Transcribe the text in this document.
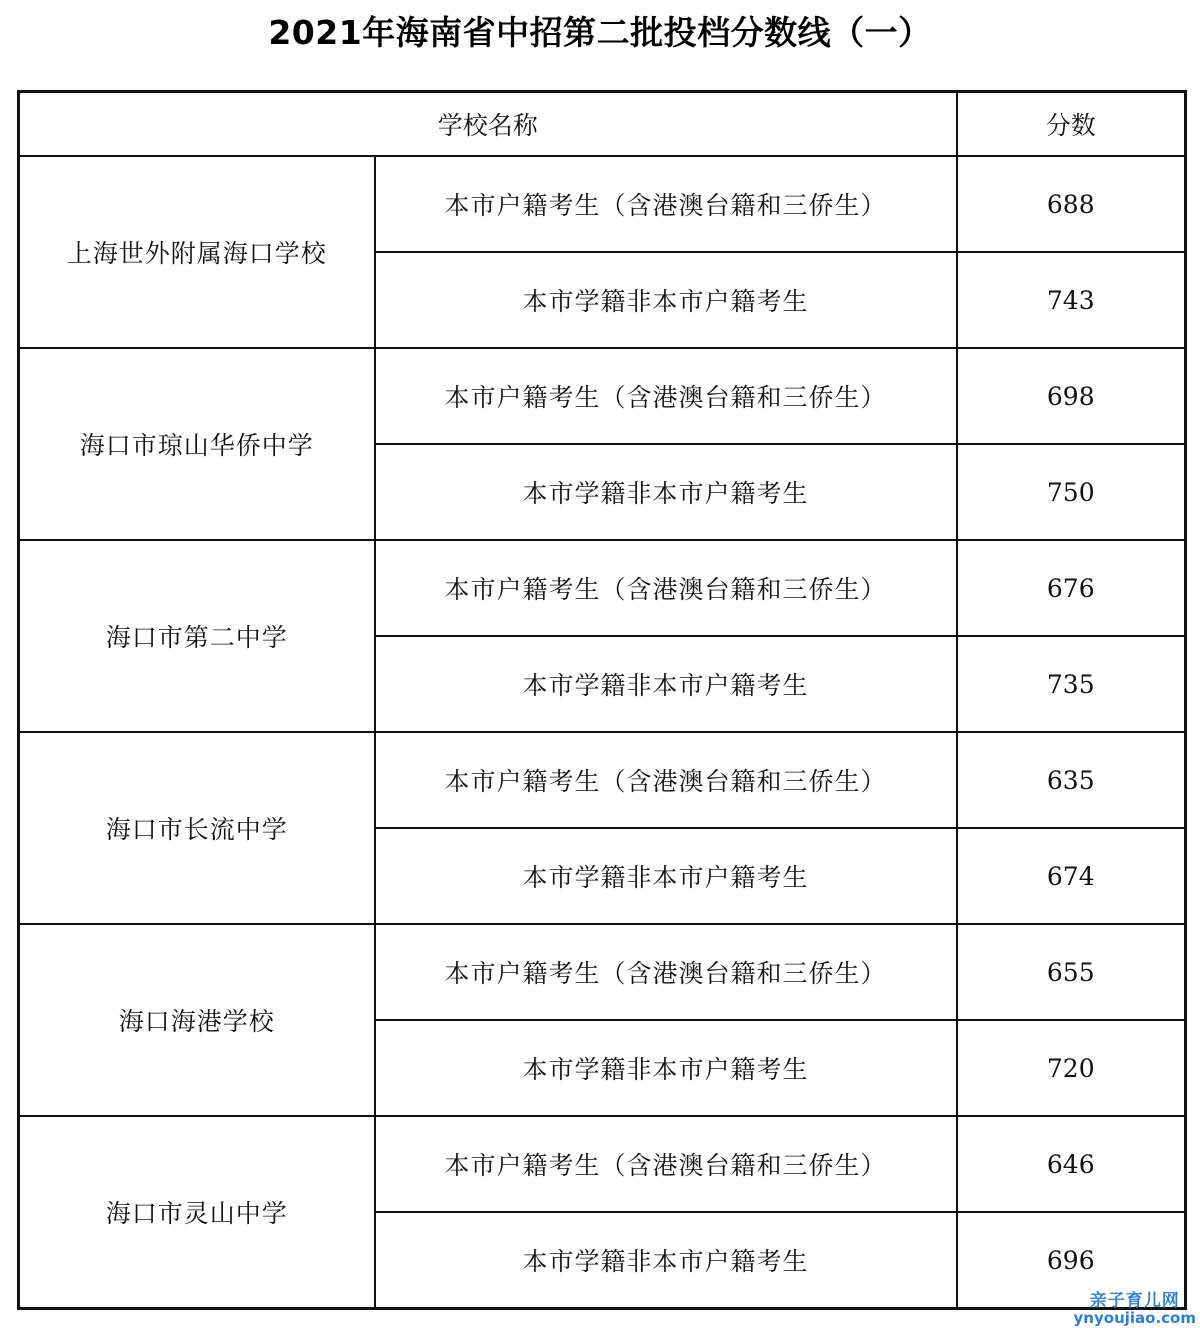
2021年海南省中招第二批投档分数线（一）
学校名称		分数
上海世外附属海口学校	本市户籍考生（含港澳台籍和三侨生）	688
	本市学籍非本市户籍考生	743
海口市琼山华侨中学	本市户籍考生（含港澳台籍和三侨生）	698
	本市学籍非本市户籍考生	750
海口市第二中学	本市户籍考生（含港澳台籍和三侨生）	676
	本市学籍非本市户籍考生	735
海口市长流中学	本市户籍考生（含港澳台籍和三侨生）	635
	本市学籍非本市户籍考生	674
海口海港学校	本市户籍考生（含港澳台籍和三侨生）	655
	本市学籍非本市户籍考生	720
海口市灵山中学	本市户籍考生（含港澳台籍和三侨生）	646
	本市学籍非本市户籍考生	696
亲子育儿网
ynyoujiao.com
